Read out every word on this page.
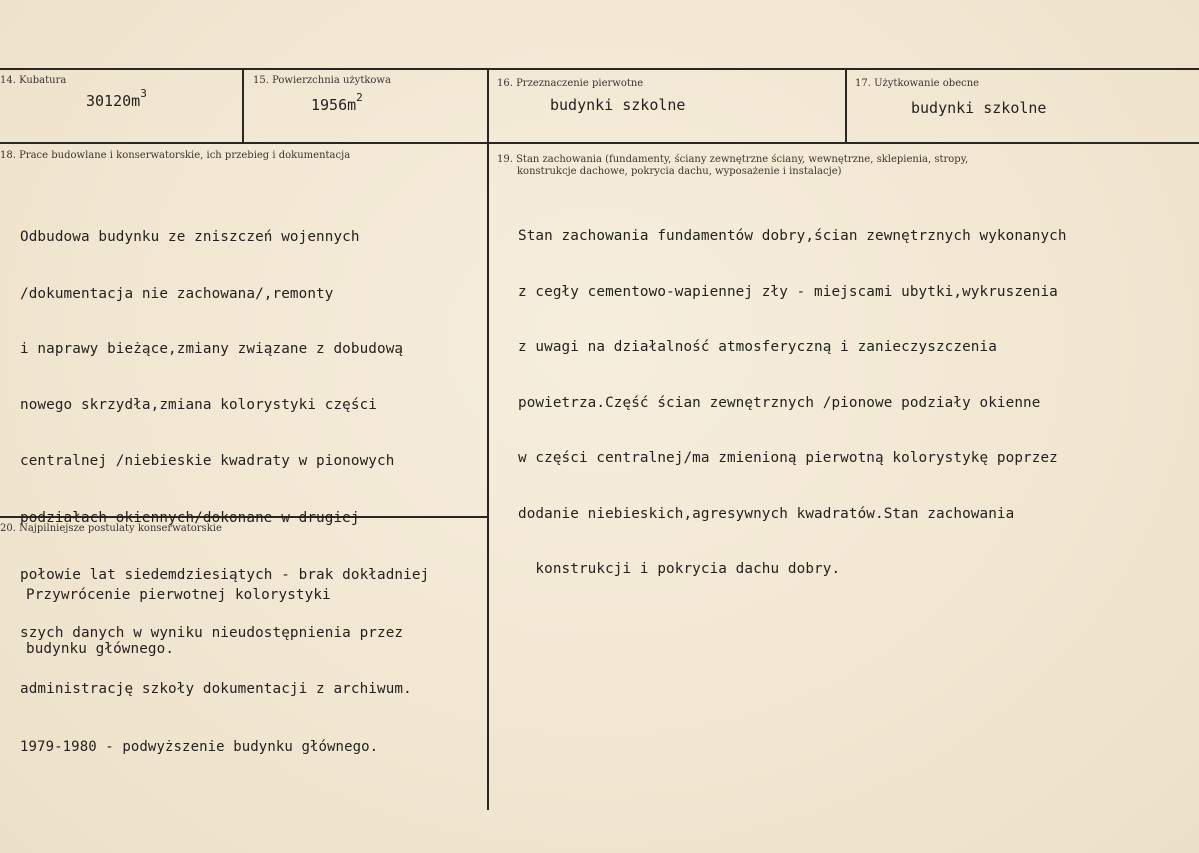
14. Kubatura
$30120m^3$
15. Powierzchnia użytkowa
$1956m^2$
16. Przeznaczenie pierwotne
budynki szkolne
17. Użytkowanie obecne
budynki szkolne
18. Prace budowlane i konserwatorskie, ich przebieg i dokumentacja

Odbudowa budynku ze zniszczeń wojennych

/dokumentacja nie zachowana/,remonty

i naprawy bieżące,zmiany związane z dobudową

nowego skrzydła,zmiana kolorystyki części

centralnej /niebieskie kwadraty w pionowych

podziałach okiennych/dokonane w drugiej

połowie lat siedemdziesiątych - brak dokładniej

szych danych w wyniku nieudostępnienia przez

administrację szkoły dokumentacji z archiwum.

1979-1980 - podwyższenie budynku głównego.

19. Stan zachowania (fundamenty, ściany zewnętrzne ściany, wewnętrzne, sklepienia, stropy,
konstrukcje dachowe, pokrycia dachu, wyposażenie i instalacje)

Stan zachowania fundamentów dobry,ścian zewnętrznych wykonanych

z cegły cementowo-wapiennej zły - miejscami ubytki,wykruszenia

z uwagi na działalność atmosferyczną i zanieczyszczenia

powietrza.Część ścian zewnętrznych /pionowe podziały okienne

w części centralnej/ma zmienioną pierwotną kolorystykę poprzez

dodanie niebieskich,agresywnych kwadratów.Stan zachowania

konstrukcji i pokrycia dachu dobry.

20. Najpilniejsze postulaty konserwatorskie

Przywrócenie pierwotnej kolorystyki

budynku głównego.
